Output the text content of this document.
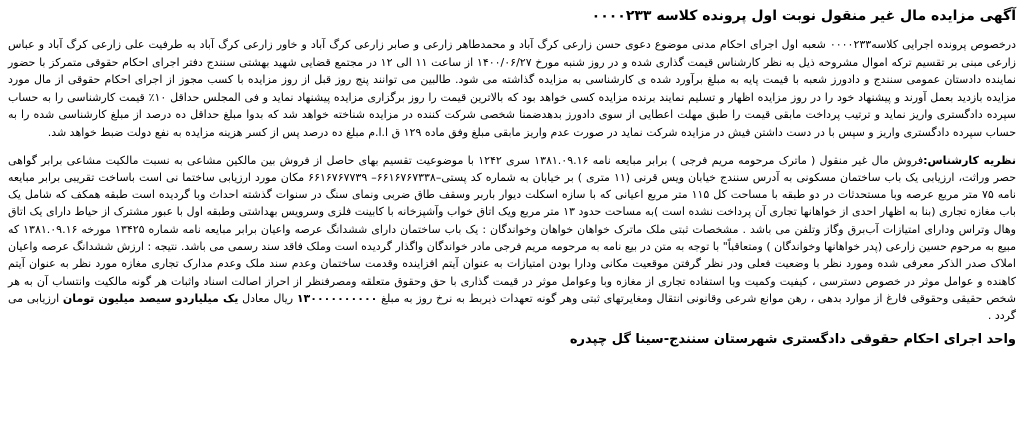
آگهی مزایده مال غیر منقول نوبت اول پرونده کلاسه ۰۰۰۰۲۳۳
درخصوص پرونده اجرایی کلاسه۰۰۰۰۲۳۳ شعبه اول اجرای احکام مدنی موضوع دعوی حسن زارعی کرگ آباد و محمدطاهر زارعی و صابر زارعی کرگ آباد و خاور زارعی کرگ آباد به طرفیت علی زارعی کرگ آباد و عباس زارعی مبنی بر تقسیم ترکه اموال مشروحه ذیل به نظر کارشناس قیمت گذاری شده و در روز شنبه مورخ ۱۴۰۰/۰۶/۲۷ از ساعت ۱۱ الی ۱۲ در مجتمع قضایی شهید بهشتی سنندج دفتر اجرای احکام حقوقی متمرکز با حضور نماینده دادستان عمومی سنندج و دادورز شعبه با قیمت پایه به مبلغ برآورد شده ی کارشناسی به مزایده گذاشته می شود. طالبین می توانند پنج روز قبل از روز مزایده با کسب مجوز از اجرای احکام حقوقی از مال مورد مزایده بازدید بعمل آورند و پیشنهاد خود را در روز مزایده اظهار و تسلیم نمایند برنده مزایده کسی خواهد بود که بالاترین قیمت را روز برگزاری مزایده پیشنهاد نماید و فی المجلس حداقل ۱۰٪ قیمت کارشناسی را به حساب سپرده دادگستری واریز نماید و ترتیب پرداخت مابقی قیمت را طبق مهلت اعطایی از سوی دادورز بدهدضمنا شخصی شرکت کننده در مزایده شناخته خواهد شد که بدوا مبلغ حداقل ده درصد از مبلغ کارشناسی شده را به حساب سپرده دادگستری واریز و سپس با در دست داشتن فیش در مزایده شرکت نماید در صورت عدم واریز مابقی مبلغ وفق ماده ۱۲۹ ق ا.ا.م مبلغ ده درصد پس از کسر هزینه مزایده به نفع دولت ضبط خواهد شد.
نظریه کارشناس:فروش مال غیر منقول ( ماترک مرحومه مریم فرجی ) برابر مبایعه نامه ۱۳۸۱.۰۹.۱۶ سری ۱۲۴۲ با موضوعیت تقسیم بهای حاصل از فروش بین مالکین مشاعی به نسبت مالکیت مشاعی برابر گواهی حصر وراثت، ارزیابی یک باب ساختمان مسکونی به آدرس سنندج خیابان ویس قرنی (۱۱ متری ) بر خیابان به شماره کد پستی–۶۶۱۶۷۶۷۳۳۸– ۶۶۱۶۷۶۷۷۳۹ مکان مورد ارزیابی ساختما نی است باساخت تقریبی برابر مبایعه نامه ۷۵ متر مربع عرصه وبا مستحدثات در دو طبقه با مساحت کل ۱۱۵ متر مربع اعیانی که با سازه اسکلت دیوار باربر وسقف طاق ضربی ونمای سنگ در سنوات گذشته احداث وبا گردیده است طبقه همکف که شامل یک باب مغازه تجاری (بنا به اظهار احدی از خواهانها تجاری آن پرداخت نشده است )به مساحت حدود ۱۳ متر مربع ویک اتاق خواب وآشپزخانه با کابینت فلزی وسرویس بهداشتی وطبقه اول با عبور مشترک از حیاط دارای یک اتاق وهال وتراس ودارای امتیازات آب‌برق وگاز وتلفن می باشد . مشخصات ثبتی ملک ماترک خواهان خواهان وخواندگان : یک باب ساختمان دارای ششدانگ عرصه واعیان برابر مبایعه نامه شماره ۱۳۴۲۵ مورخه ۱۳۸۱.۰۹.۱۶ که مبیع به مرحوم حسین زارعی (پدر خواهانها وخواندگان ) ومتعاقباً" با توجه به متن در بیع نامه به مرحومه مریم فرجی مادر خواندگان واگذار گردیده است وملک فاقد سند رسمی می باشد. نتیجه : ارزش ششدانگ عرصه واعیان املاک صدر الذکر معرفی شده ومورد نظر با وضعیت فعلی ودر نظر گرفتن موقعیت مکانی ودارا بودن امتیازات به عنوان آیتم افزاینده وقدمت ساختمان وعدم سند ملک وعدم مدارک تجاری مغازه مورد نظر به عنوان آیتم کاهنده و عوامل موثر در خصوص دسترسی ، کیفیت وکمیت وبا استفاده تجاری از مغازه وبا وعوامل موثر در قیمت گذاری با حق وحقوق متعلقه ومصرفنظر از احراز اصالت اسناد واثبات هر گونه مالکیت وانتساب آن به هر شخص حقیقی وحقوقی فارغ از موارد بدهی ، رهن موانع شرعی وقانونی انتقال ومغایرتهای ثبتی وهر گونه تعهدات ذیربط به نرخ روز به مبلغ ۱۳۰۰۰۰۰۰۰۰۰۰ ریال معادل یک میلیاردو سیصد میلیون تومان ارزیابی می گردد .
واحد اجرای احکام حقوقی دادگستری شهرستان سنندج-سینا گل چپدره
